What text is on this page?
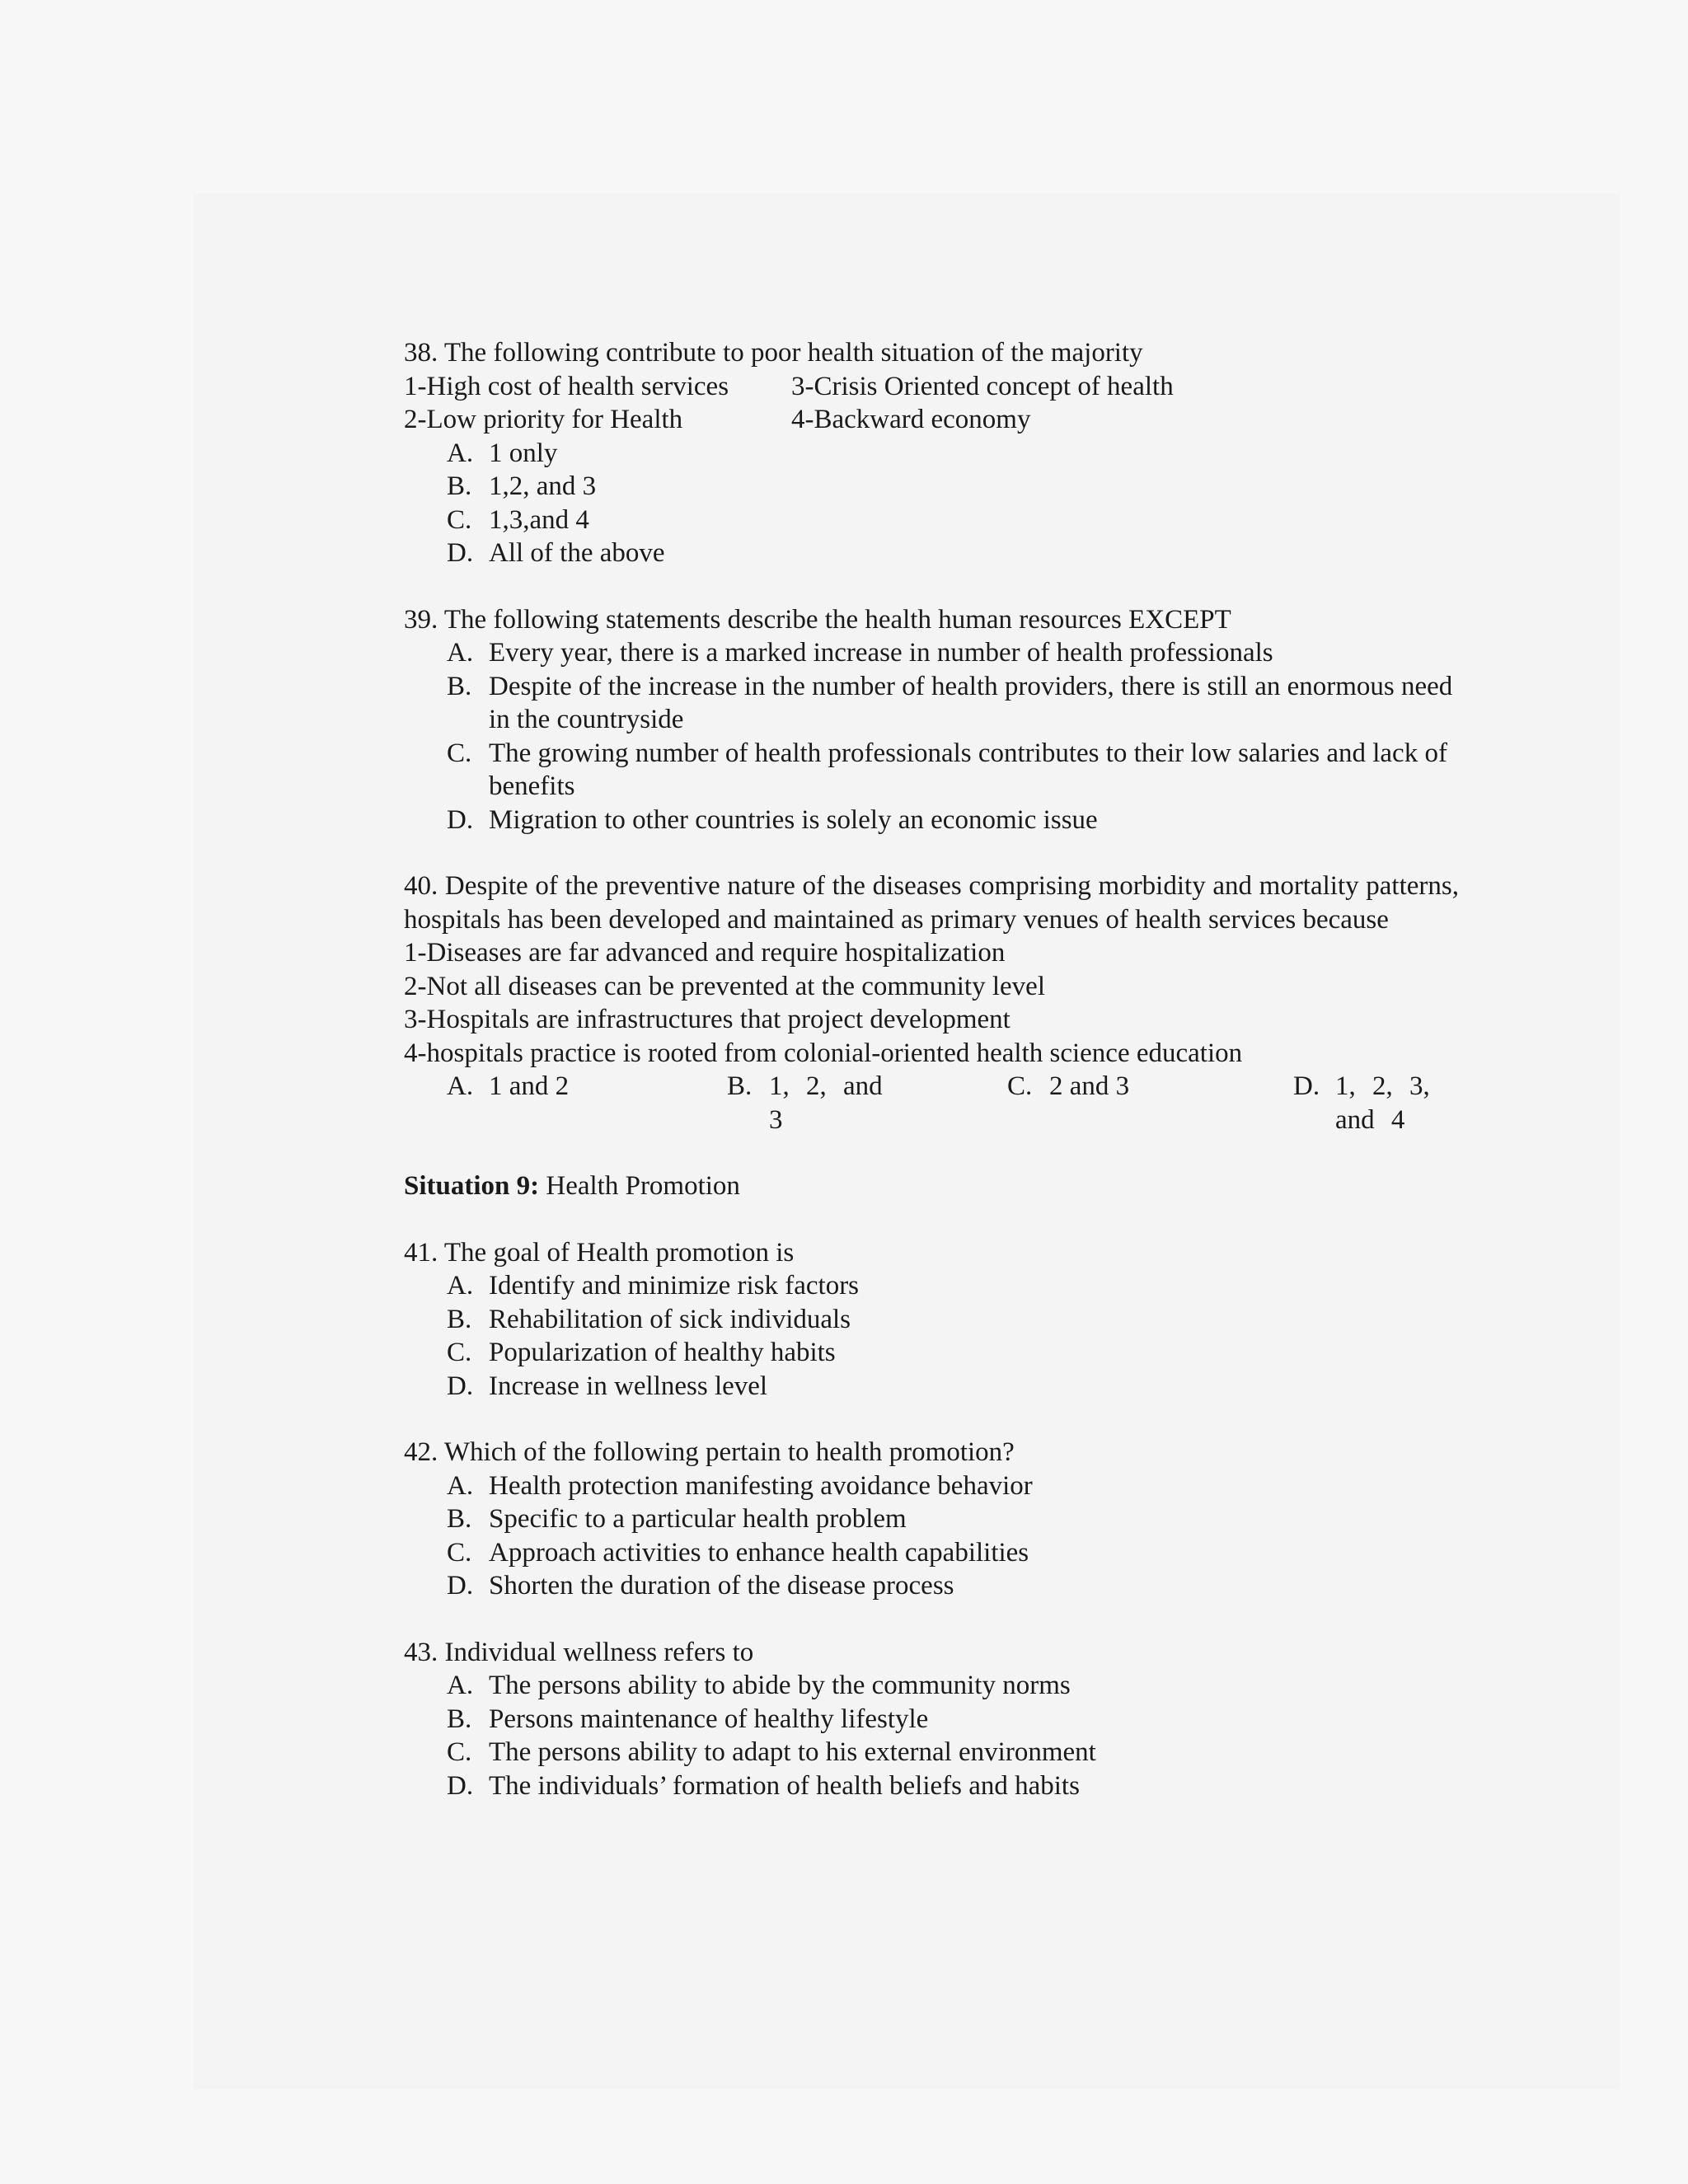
38. The following contribute to poor health situation of the majority

1-High cost of health services	3-Crisis Oriented concept of health
2-Low priority for Health	4-Backward economy
A. 1 only
B. 1,2, and 3
C. 1,3,and 4
D. All of the above

39. The following statements describe the health human resources EXCEPT

A. Every year, there is a marked increase in number of health professionals
B. Despite of the increase in the number of health providers, there is still an enormous need in the countryside
C. The growing number of health professionals contributes to their low salaries and lack of benefits
D. Migration to other countries is solely an economic issue

40. Despite of the preventive nature of the diseases comprising morbidity and mortality patterns, hospitals has been developed and maintained as primary venues of health services because

1-Diseases are far advanced and require hospitalization
2-Not all diseases can be prevented at the community level
3-Hospitals are infrastructures that project development
4-hospitals practice is rooted from colonial-oriented health science education
A. 1 and 2	B. 1, 2, and 3
C. 2 and 3	D. 1, 2, 3, and 4
Situation 9: Health Promotion

41. The goal of Health promotion is

A. Identify and minimize risk factors
B. Rehabilitation of sick individuals
C. Popularization of healthy habits
D. Increase in wellness level

42. Which of the following pertain to health promotion?

A. Health protection manifesting avoidance behavior
B. Specific to a particular health problem
C. Approach activities to enhance health capabilities
D. Shorten the duration of the disease process

43. Individual wellness refers to

A. The persons ability to abide by the community norms
B. Persons maintenance of healthy lifestyle
C. The persons ability to adapt to his external environment
D. The individuals’ formation of health beliefs and habits
